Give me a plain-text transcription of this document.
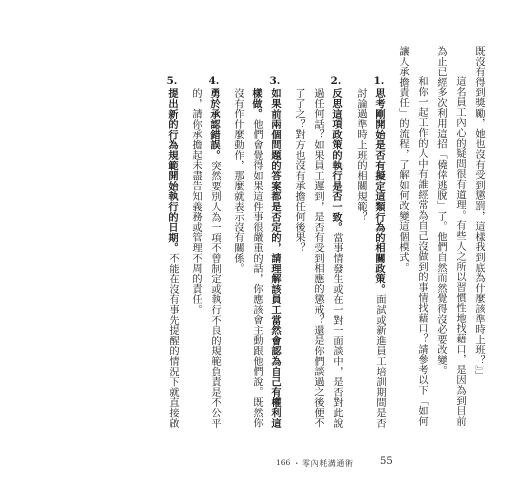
既沒有得到獎勵，她也沒有受到懲罰，這樣我到底為什麼該準時上班？』」
這名員工內心的疑問很有道理。有些人之所以習慣性地找藉口，是因為到目前
為止已經多次利用這招「僥倖逃脫」了。他們自然而然覺得沒必要改變。
和你一起工作的人中有誰經常為自己沒做到的事情找藉口？請參考以下「如何
讓人承擔責任」的流程，了解如何改變這個模式。
1.思考剛開始是否有擬定這類行為的相關政策。面試或新進員工培訓期間是否
討論過準時上班的相關規範？
2.反思這項政策的執行是否一致。當事情發生或在一對一面談中，是否對此說
過任何話？如果員工遲到，是否有受到相應的懲戒？還是你們談過之後便不
了了之？對方也沒有承擔任何後果？
3.如果前兩個問題的答案都是否定的，請理解該員工當然會認為自己有權利這
樣做。他們會覺得如果這件事很嚴重的話，你應該會主動跟他們說。既然你
沒有作什麼動作，那麼就表示沒有關係。
4.勇於承認錯誤。突然要別人為一項不曾制定或執行不良的規範負責是不公平
的，請你承擔起未盡告知義務或管理不周的責任。
5.提出新的行為規範開始執行的日期。不能在沒有事先提醒的情況下就直接啟
166 ・ 零內耗溝通術	55
